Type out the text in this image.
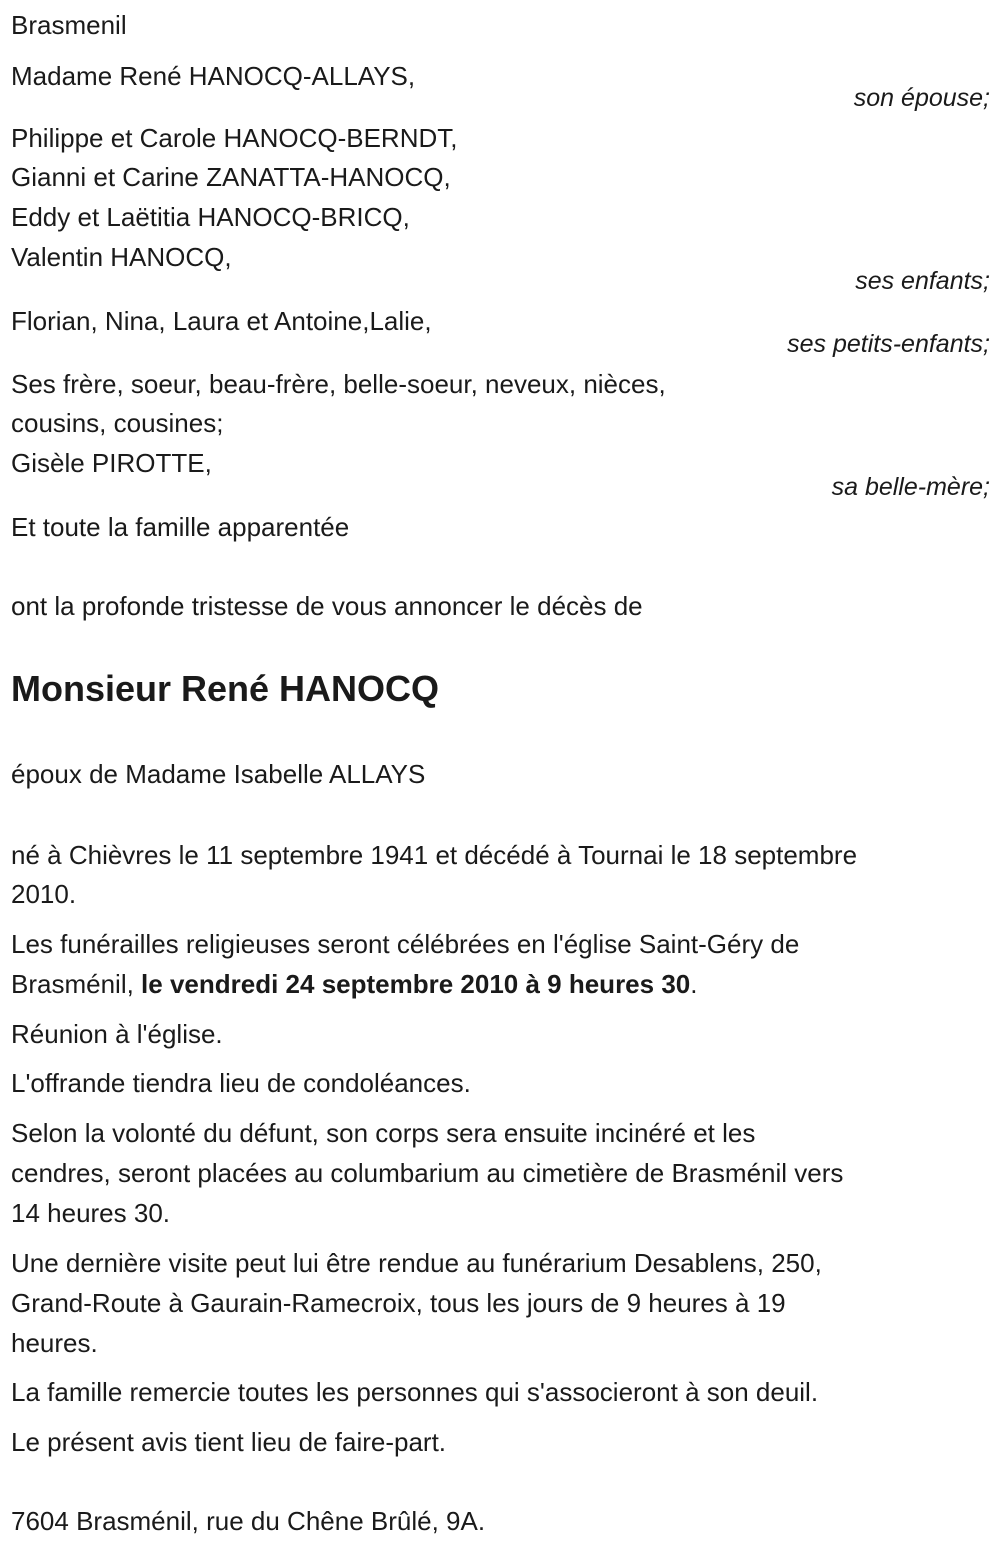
Brasmenil
Madame René HANOCQ-ALLAYS,
son épouse;
Philippe et Carole HANOCQ-BERNDT,
Gianni et Carine ZANATTA-HANOCQ,
Eddy et Laëtitia HANOCQ-BRICQ,
Valentin HANOCQ,
ses enfants;
Florian, Nina, Laura et Antoine,Lalie,
ses petits-enfants;
Ses frère, soeur, beau-frère, belle-soeur, neveux, nièces,
cousins, cousines;
Gisèle PIROTTE,
sa belle-mère;
Et toute la famille apparentée
ont la profonde tristesse de vous annoncer le décès de
Monsieur René HANOCQ
époux de Madame Isabelle ALLAYS
né à Chièvres le 11 septembre 1941 et décédé à Tournai le 18 septembre
2010.
Les funérailles religieuses seront célébrées en l'église Saint-Géry de
Brasménil, le vendredi 24 septembre 2010 à 9 heures 30.
Réunion à l'église.
L'offrande tiendra lieu de condoléances.
Selon la volonté du défunt, son corps sera ensuite incinéré et les
cendres, seront placées au columbarium au cimetière de Brasménil vers
14 heures 30.
Une dernière visite peut lui être rendue au funérarium Desablens, 250,
Grand-Route à Gaurain-Ramecroix, tous les jours de 9 heures à 19
heures.
La famille remercie toutes les personnes qui s'associeront à son deuil.
Le présent avis tient lieu de faire-part.
7604 Brasménil, rue du Chêne Brûlé, 9A.
